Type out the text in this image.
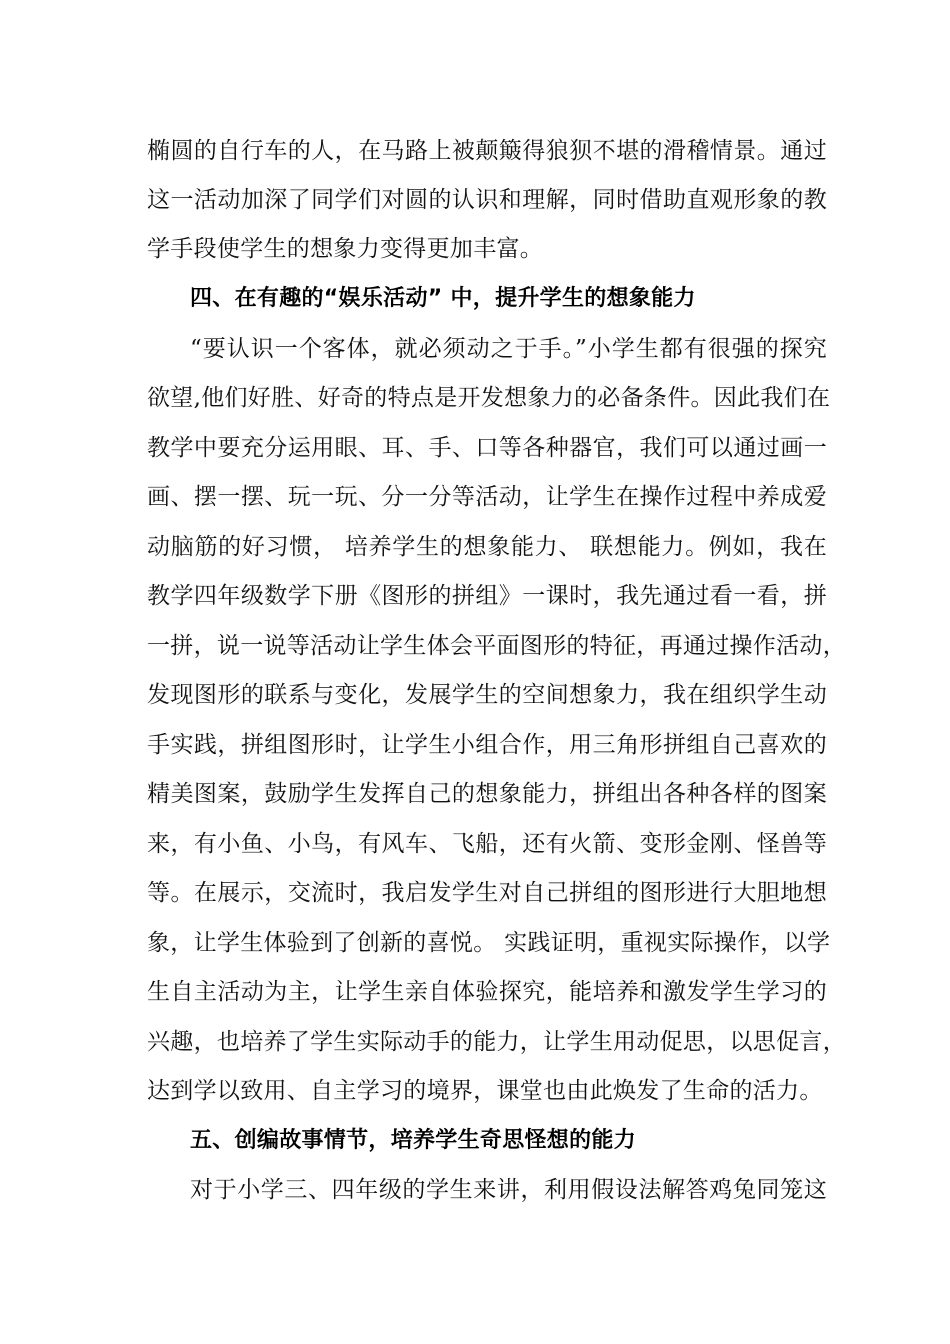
椭圆的自行车的人，在马路上被颠簸得狼狈不堪的滑稽情景。通过
这一活动加深了同学们对圆的认识和理解，同时借助直观形象的教
学手段使学生的想象力变得更加丰富。
四、在有趣的“娱乐活动” 中，提升学生的想象能力
“要认识一个客体，就必须动之于手。”小学生都有很强的探究
欲望,他们好胜、好奇的特点是开发想象力的必备条件。因此我们在
教学中要充分运用眼、耳、手、口等各种器官，我们可以通过画一
画、摆一摆、玩一玩、分一分等活动，让学生在操作过程中养成爱
动脑筋的好习惯， 培养学生的想象能力、 联想能力。例如，我在
教学四年级数学下册《图形的拼组》一课时，我先通过看一看，拼
一拼，说一说等活动让学生体会平面图形的特征，再通过操作活动，
发现图形的联系与变化，发展学生的空间想象力，我在组织学生动
手实践，拼组图形时，让学生小组合作，用三角形拼组自己喜欢的
精美图案，鼓励学生发挥自己的想象能力，拼组出各种各样的图案
来，有小鱼、小鸟，有风车、飞船，还有火箭、变形金刚、怪兽等
等。在展示，交流时，我启发学生对自己拼组的图形进行大胆地想
象，让学生体验到了创新的喜悦。 实践证明，重视实际操作，以学
生自主活动为主，让学生亲自体验探究，能培养和激发学生学习的
兴趣，也培养了学生实际动手的能力，让学生用动促思，以思促言，
达到学以致用、自主学习的境界，课堂也由此焕发了生命的活力。
五、创编故事情节，培养学生奇思怪想的能力
对于小学三、四年级的学生来讲，利用假设法解答鸡兔同笼这
